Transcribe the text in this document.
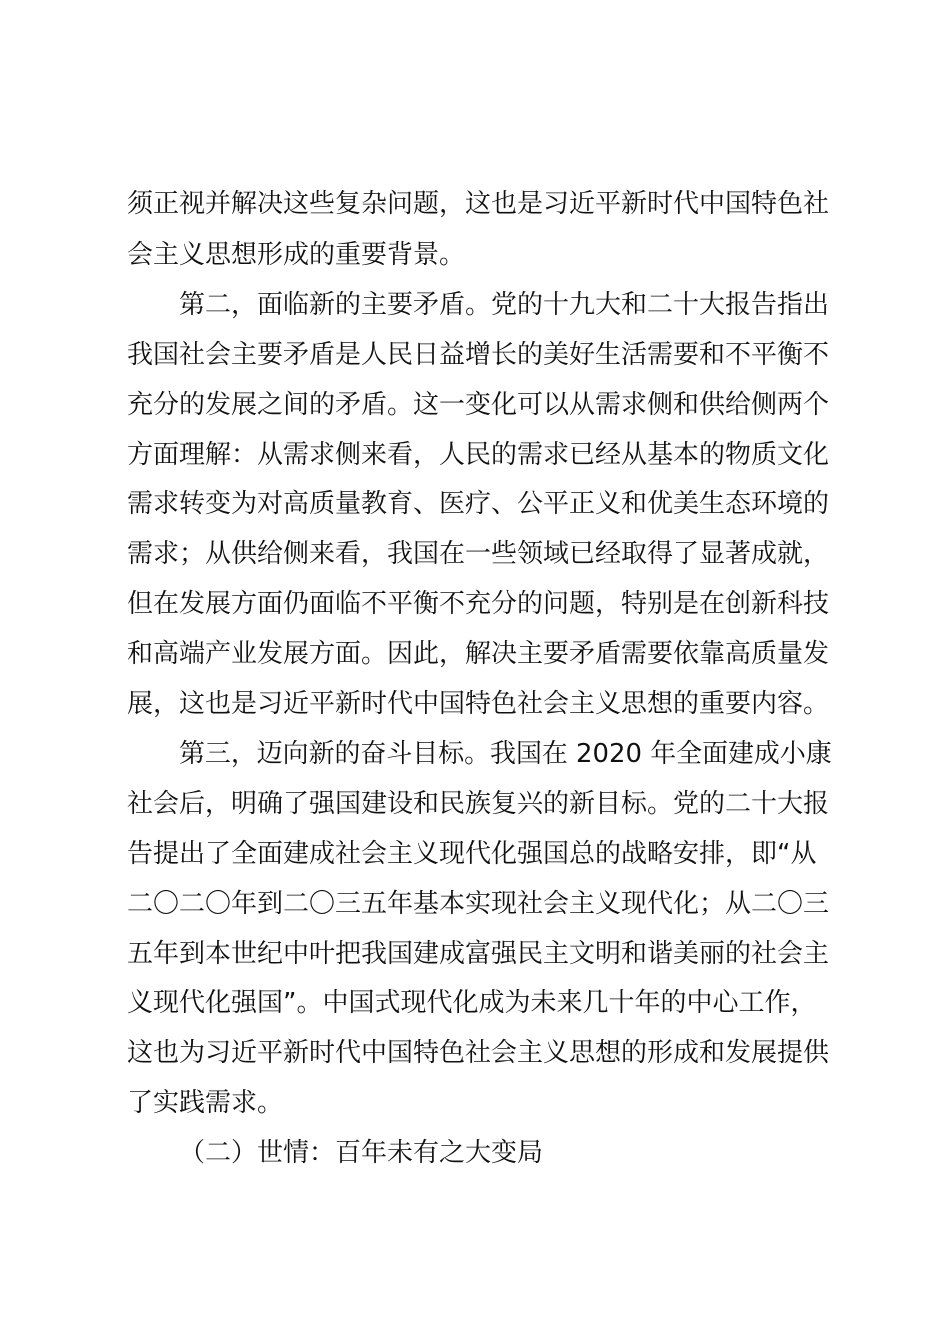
须正视并解决这些复杂问题，这也是习近平新时代中国特色社
会主义思想形成的重要背景。
第二，面临新的主要矛盾。党的十九大和二十大报告指出
我国社会主要矛盾是人民日益增长的美好生活需要和不平衡不
充分的发展之间的矛盾。这一变化可以从需求侧和供给侧两个
方面理解：从需求侧来看，人民的需求已经从基本的物质文化
需求转变为对高质量教育、医疗、公平正义和优美生态环境的
需求；从供给侧来看，我国在一些领域已经取得了显著成就，
但在发展方面仍面临不平衡不充分的问题，特别是在创新科技
和高端产业发展方面。因此，解决主要矛盾需要依靠高质量发
展，这也是习近平新时代中国特色社会主义思想的重要内容。
第三，迈向新的奋斗目标。我国在 2020 年全面建成小康
社会后，明确了强国建设和民族复兴的新目标。党的二十大报
告提出了全面建成社会主义现代化强国总的战略安排，即“从
二〇二〇年到二〇三五年基本实现社会主义现代化；从二〇三
五年到本世纪中叶把我国建成富强民主文明和谐美丽的社会主
义现代化强国”。中国式现代化成为未来几十年的中心工作，
这也为习近平新时代中国特色社会主义思想的形成和发展提供
了实践需求。
（二）世情：百年未有之大变局
